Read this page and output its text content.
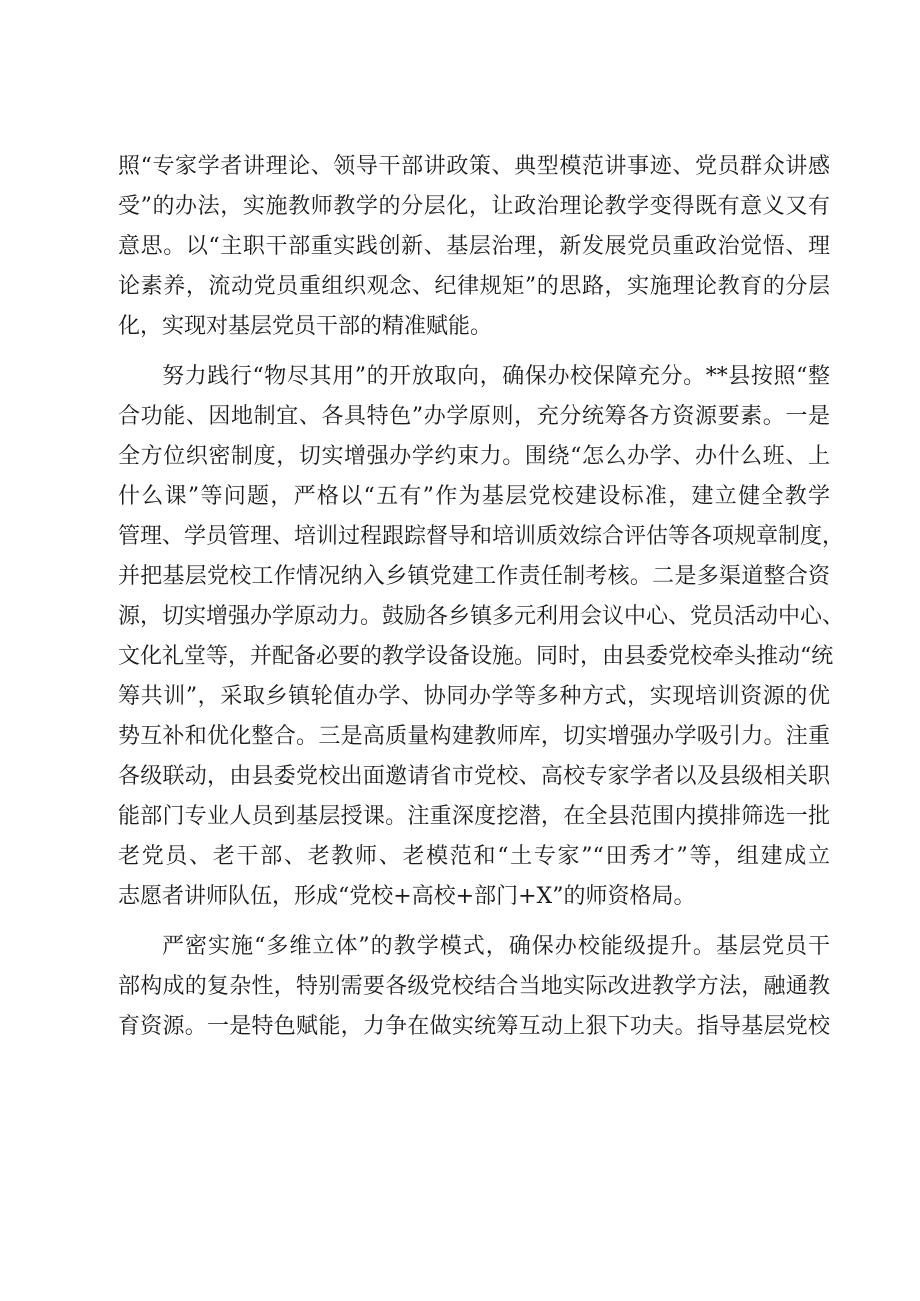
照“专家学者讲理论、领导干部讲政策、典型模范讲事迹、党员群众讲感
受”的办法，实施教师教学的分层化，让政治理论教学变得既有意义又有
意思。以“主职干部重实践创新、基层治理，新发展党员重政治觉悟、理
论素养，流动党员重组织观念、纪律规矩”的思路，实施理论教育的分层
化，实现对基层党员干部的精准赋能。
努力践行“物尽其用”的开放取向，确保办校保障充分。**县按照“整
合功能、因地制宜、各具特色”办学原则，充分统筹各方资源要素。一是
全方位织密制度，切实增强办学约束力。围绕“怎么办学、办什么班、上
什么课”等问题，严格以“五有”作为基层党校建设标准，建立健全教学
管理、学员管理、培训过程跟踪督导和培训质效综合评估等各项规章制度，
并把基层党校工作情况纳入乡镇党建工作责任制考核。二是多渠道整合资
源，切实增强办学原动力。鼓励各乡镇多元利用会议中心、党员活动中心、
文化礼堂等，并配备必要的教学设备设施。同时，由县委党校牵头推动“统
筹共训”，采取乡镇轮值办学、协同办学等多种方式，实现培训资源的优
势互补和优化整合。三是高质量构建教师库，切实增强办学吸引力。注重
各级联动，由县委党校出面邀请省市党校、高校专家学者以及县级相关职
能部门专业人员到基层授课。注重深度挖潜，在全县范围内摸排筛选一批
老党员、老干部、老教师、老模范和“土专家”“田秀才”等，组建成立
志愿者讲师队伍，形成“党校+高校+部门+X”的师资格局。
严密实施“多维立体”的教学模式，确保办校能级提升。基层党员干
部构成的复杂性，特别需要各级党校结合当地实际改进教学方法，融通教
育资源。一是特色赋能，力争在做实统筹互动上狠下功夫。指导基层党校
